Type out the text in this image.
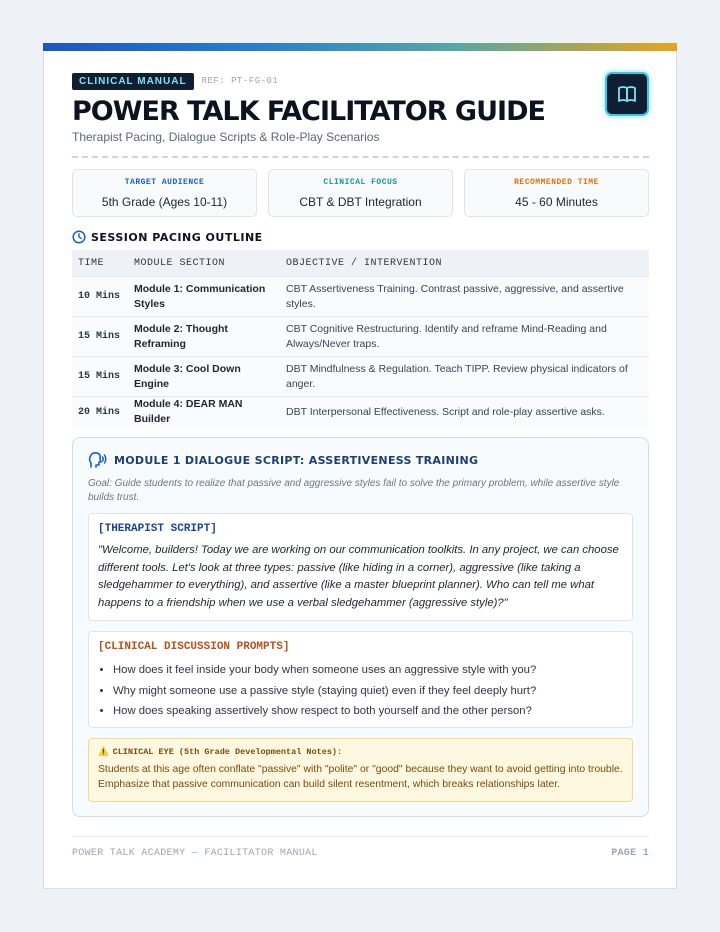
CLINICAL MANUAL	REF: PT-FG-01
POWER TALK FACILITATOR GUIDE
Therapist Pacing, Dialogue Scripts & Role-Play Scenarios
TARGET AUDIENCE
5th Grade (Ages 10-11)
CLINICAL FOCUS
CBT & DBT Integration
RECOMMENDED TIME
45 - 60 Minutes
SESSION PACING OUTLINE
TIME	MODULE SECTION	OBJECTIVE / INTERVENTION
10 Mins	Module 1: Communication Styles	CBT Assertiveness Training. Contrast passive, aggressive, and assertive styles.
15 Mins	Module 2: Thought Reframing	CBT Cognitive Restructuring. Identify and reframe Mind-Reading and Always/Never traps.
15 Mins	Module 3: Cool Down Engine	DBT Mindfulness & Regulation. Teach TIPP. Review physical indicators of anger.
20 Mins	Module 4: DEAR MAN Builder	DBT Interpersonal Effectiveness. Script and role-play assertive asks.
MODULE 1 DIALOGUE SCRIPT: ASSERTIVENESS TRAINING
Goal: Guide students to realize that passive and aggressive styles fail to solve the primary problem, while assertive style builds trust.
[THERAPIST SCRIPT]
"Welcome, builders! Today we are working on our communication toolkits. In any project, we can choose different tools. Let's look at three types: passive (like hiding in a corner), aggressive (like taking a sledgehammer to everything), and assertive (like a master blueprint planner). Who can tell me what happens to a friendship when we use a verbal sledgehammer (aggressive style)?"
[CLINICAL DISCUSSION PROMPTS]
• How does it feel inside your body when someone uses an aggressive style with you?
• Why might someone use a passive style (staying quiet) even if they feel deeply hurt?
• How does speaking assertively show respect to both yourself and the other person?
⚠️ CLINICAL EYE (5th Grade Developmental Notes):
Students at this age often conflate "passive" with "polite" or "good" because they want to avoid getting into trouble. Emphasize that passive communication can build silent resentment, which breaks relationships later.
POWER TALK ACADEMY — FACILITATOR MANUAL	PAGE 1
